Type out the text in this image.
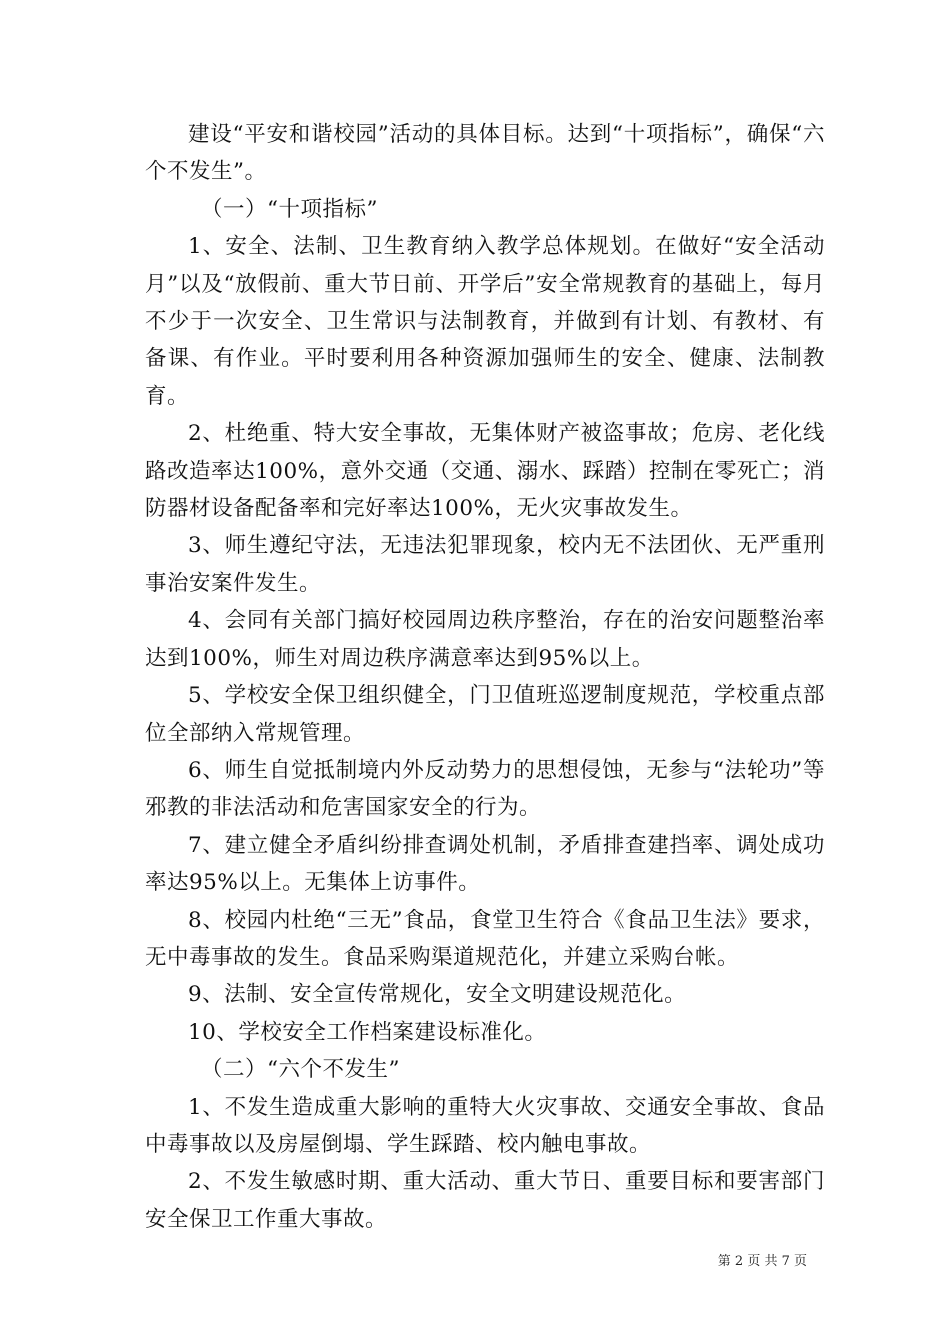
建设“平安和谐校园”活动的具体目标。达到“十项指标”，确保“六个不发生”。

（一）“十项指标”

1、安全、法制、卫生教育纳入教学总体规划。在做好“安全活动月”以及“放假前、重大节日前、开学后”安全常规教育的基础上，每月不少于一次安全、卫生常识与法制教育，并做到有计划、有教材、有备课、有作业。平时要利用各种资源加强师生的安全、健康、法制教育。

2、杜绝重、特大安全事故，无集体财产被盗事故；危房、老化线路改造率达100%，意外交通（交通、溺水、踩踏）控制在零死亡；消防器材设备配备率和完好率达100%，无火灾事故发生。

3、师生遵纪守法，无违法犯罪现象，校内无不法团伙、无严重刑事治安案件发生。

4、会同有关部门搞好校园周边秩序整治，存在的治安问题整治率达到100%，师生对周边秩序满意率达到95%以上。

5、学校安全保卫组织健全，门卫值班巡逻制度规范，学校重点部位全部纳入常规管理。

6、师生自觉抵制境内外反动势力的思想侵蚀，无参与“法轮功”等邪教的非法活动和危害国家安全的行为。

7、建立健全矛盾纠纷排查调处机制，矛盾排查建挡率、调处成功率达95%以上。无集体上访事件。

8、校园内杜绝“三无”食品，食堂卫生符合《食品卫生法》要求，无中毒事故的发生。食品采购渠道规范化，并建立采购台帐。

9、法制、安全宣传常规化，安全文明建设规范化。

10、学校安全工作档案建设标准化。

（二）“六个不发生”

1、不发生造成重大影响的重特大火灾事故、交通安全事故、食品中毒事故以及房屋倒塌、学生踩踏、校内触电事故。

2、不发生敏感时期、重大活动、重大节日、重要目标和要害部门安全保卫工作重大事故。

第 2 页 共 7 页
